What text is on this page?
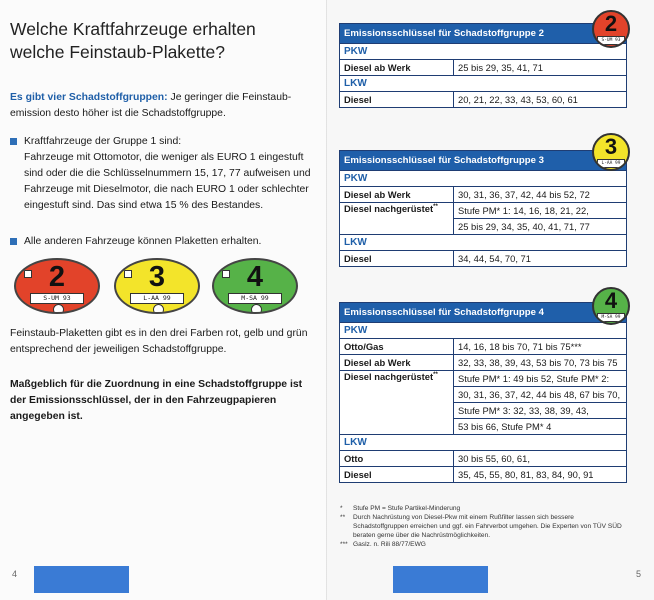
Welche Kraftfahrzeuge erhalten welche Feinstaub-Plakette?
Es gibt vier Schadstoffgruppen: Je geringer die Feinstaub-emission desto höher ist die Schadstoffgruppe.

Kraftfahrzeuge der Gruppe 1 sind:

Fahrzeuge mit Ottomotor, die weniger als EURO 1 eingestuft sind oder die die Schlüsselnummern 15, 17, 77 aufweisen und Fahrzeuge mit Dieselmotor, die nach EURO 1 oder schlechter eingestuft sind. Das sind etwa 15 % des Bestandes.

Alle anderen Fahrzeuge können Plaketten erhalten.

2
S-UM 93
3
L-AA 99
4
M-SA 99
Feinstaub-Plaketten gibt es in den drei Farben rot, gelb und grün entsprechend der jeweiligen Schadstoffgruppe.
Maßgeblich für die Zuordnung in eine Schadstoffgruppe ist der Emissionsschlüssel, der in den Fahrzeugpapieren angegeben ist.
4
Emissionsschlüssel für Schadstoffgruppe 2	
PKW	
Diesel ab Werk	25 bis 29, 35, 41, 71
LKW	
Diesel	20, 21, 22, 33, 43, 53, 60, 61
2
S-UM 93
Emissionsschlüssel für Schadstoffgruppe 3	
PKW	
Diesel ab Werk	30, 31, 36, 37, 42, 44 bis 52, 72
Diesel nachgerüstet**	Stufe PM* 1: 14, 16, 18, 21, 22,
	25 bis 29, 34, 35, 40, 41, 71, 77
LKW	
Diesel	34, 44, 54, 70, 71
3
L-AA 99
Emissionsschlüssel für Schadstoffgruppe 4	
PKW	
Otto/Gas	14, 16, 18 bis 70, 71 bis 75***
Diesel ab Werk	32, 33, 38, 39, 43, 53 bis 70, 73 bis 75
Diesel nachgerüstet**	Stufe PM* 1: 49 bis 52, Stufe PM* 2:
	30, 31, 36, 37, 42, 44 bis 48, 67 bis 70,
	Stufe PM* 3: 32, 33, 38, 39, 43,
	53 bis 66, Stufe PM* 4
LKW	
Otto	30 bis 55, 60, 61,
Diesel	35, 45, 55, 80, 81, 83, 84, 90, 91
4
M-SA 99
*	Stufe PM = Stufe Partikel-Minderung
**	Durch Nachrüstung von Diesel-Pkw mit einem Rußfilter lassen sich bessere Schadstoffgruppen erreichen und ggf. ein Fahrverbot umgehen. Die Experten von TÜV SÜD beraten gerne über die Nachrüstmöglichkeiten.
*** Gaslz. n. Rili 88/77/EWG
5
